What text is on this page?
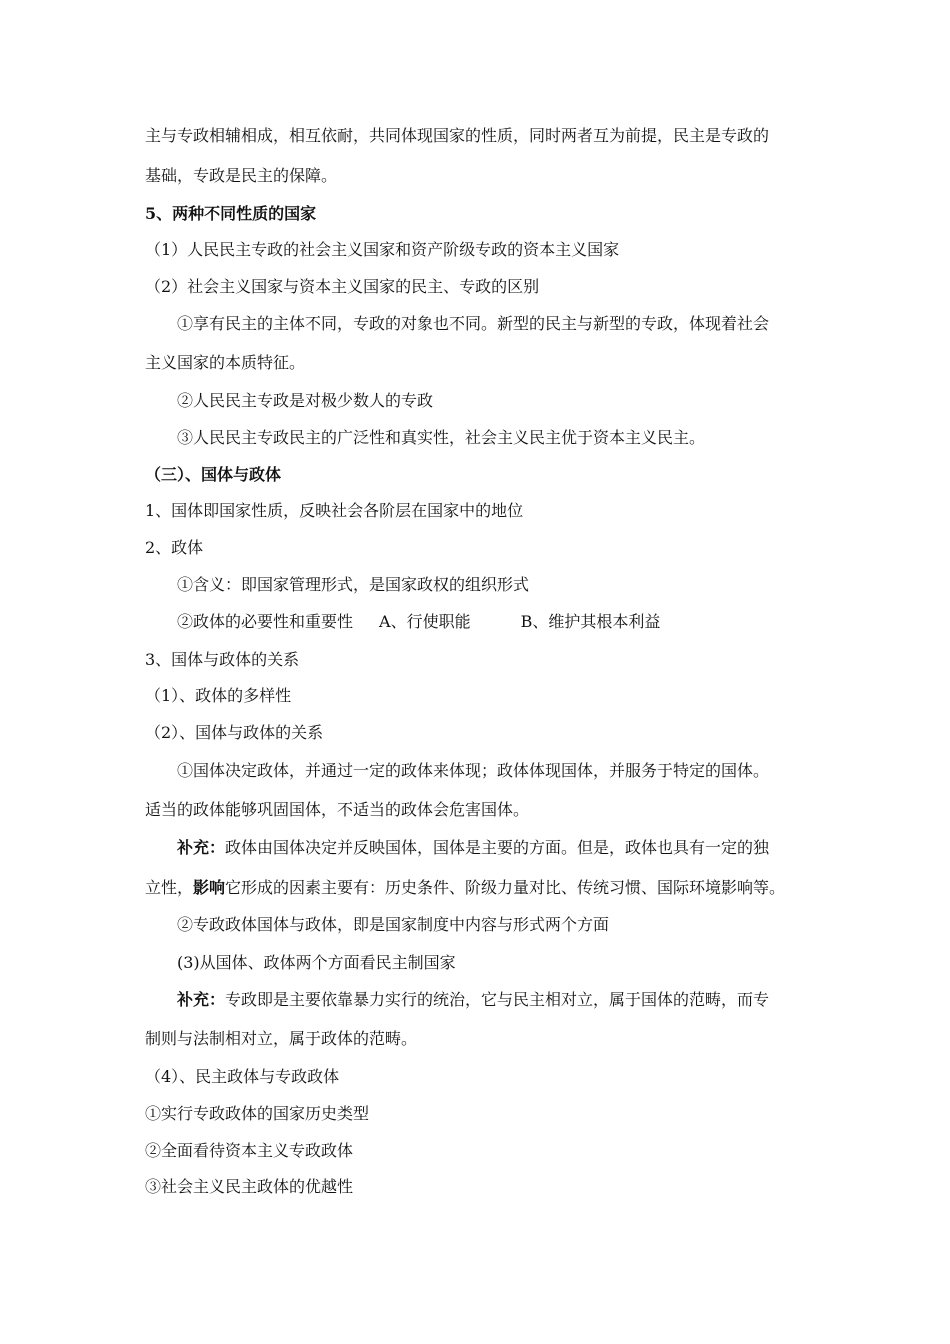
主与专政相辅相成，相互依耐，共同体现国家的性质，同时两者互为前提，民主是专政的
基础，专政是民主的保障。
5、两种不同性质的国家
（1）人民民主专政的社会主义国家和资产阶级专政的资本主义国家
（2）社会主义国家与资本主义国家的民主、专政的区别
①享有民主的主体不同，专政的对象也不同。新型的民主与新型的专政，体现着社会
主义国家的本质特征。
②人民民主专政是对极少数人的专政
③人民民主专政民主的广泛性和真实性，社会主义民主优于资本主义民主。
（三）、国体与政体
1、国体即国家性质，反映社会各阶层在国家中的地位
2、政体
①含义：即国家管理形式，是国家政权的组织形式
②政体的必要性和重要性 A、行使职能	B、维护其根本利益
3、国体与政体的关系
（1）、政体的多样性
（2）、国体与政体的关系
①国体决定政体，并通过一定的政体来体现；政体体现国体，并服务于特定的国体。
适当的政体能够巩固国体，不适当的政体会危害国体。
补充：政体由国体决定并反映国体，国体是主要的方面。但是，政体也具有一定的独
立性，影响它形成的因素主要有：历史条件、阶级力量对比、传统习惯、国际环境影响等。
②专政政体国体与政体，即是国家制度中内容与形式两个方面
(3)从国体、政体两个方面看民主制国家
补充：专政即是主要依靠暴力实行的统治，它与民主相对立，属于国体的范畴，而专
制则与法制相对立，属于政体的范畴。
（4）、民主政体与专政政体
①实行专政政体的国家历史类型
②全面看待资本主义专政政体
③社会主义民主政体的优越性
